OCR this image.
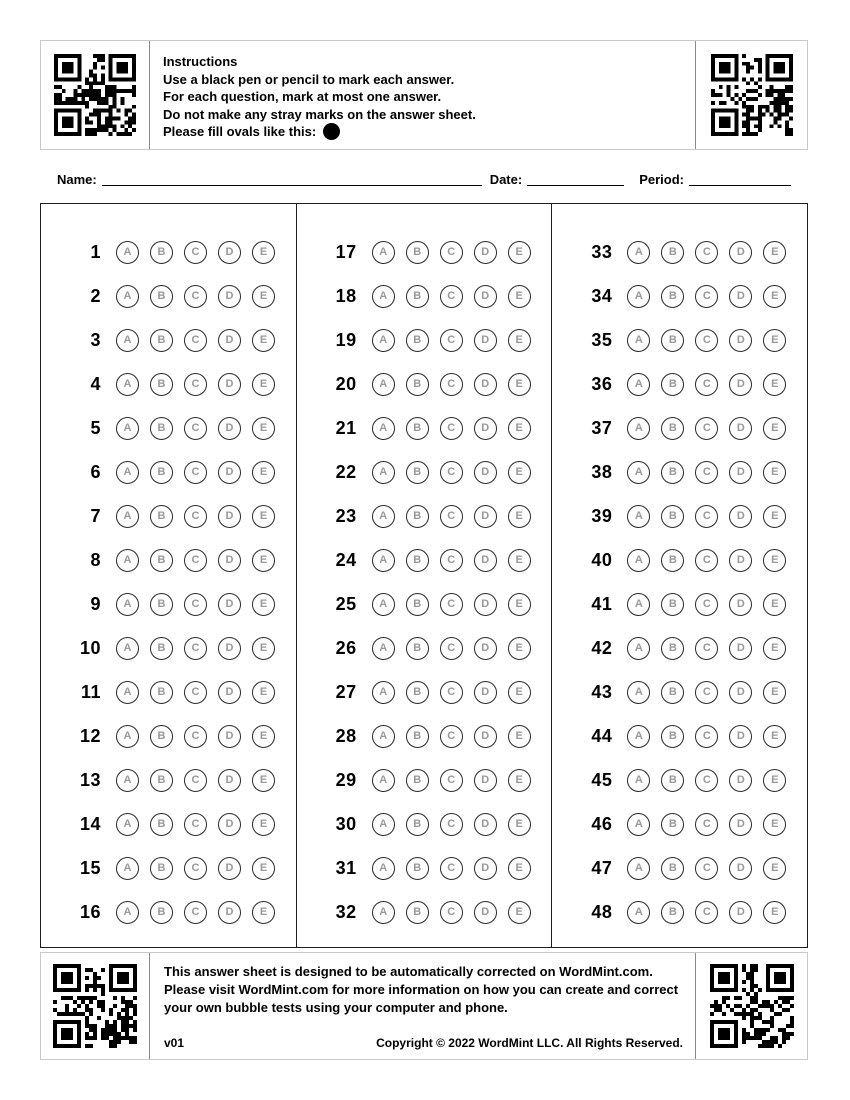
Instructions
Use a black pen or pencil to mark each answer.
For each question, mark at most one answer.
Do not make any stray marks on the answer sheet.
Please fill ovals like this:
Name:	Date:	Period:
1	A	B	C	D	E
2	A	B	C	D	E
3	A	B	C	D	E
4	A	B	C	D	E
5	A	B	C	D	E
6	A	B	C	D	E
7	A	B	C	D	E
8	A	B	C	D	E
9	A	B	C	D	E
10	A	B	C	D	E
11	A	B	C	D	E
12	A	B	C	D	E
13	A	B	C	D	E
14	A	B	C	D	E
15	A	B	C	D	E
16	A	B	C	D	E
17	A	B	C	D	E
18	A	B	C	D	E
19	A	B	C	D	E
20	A	B	C	D	E
21	A	B	C	D	E
22	A	B	C	D	E
23	A	B	C	D	E
24	A	B	C	D	E
25	A	B	C	D	E
26	A	B	C	D	E
27	A	B	C	D	E
28	A	B	C	D	E
29	A	B	C	D	E
30	A	B	C	D	E
31	A	B	C	D	E
32	A	B	C	D	E
33	A	B	C	D	E
34	A	B	C	D	E
35	A	B	C	D	E
36	A	B	C	D	E
37	A	B	C	D	E
38	A	B	C	D	E
39	A	B	C	D	E
40	A	B	C	D	E
41	A	B	C	D	E
42	A	B	C	D	E
43	A	B	C	D	E
44	A	B	C	D	E
45	A	B	C	D	E
46	A	B	C	D	E
47	A	B	C	D	E
48	A	B	C	D	E
This answer sheet is designed to be automatically corrected on WordMint.com. Please visit WordMint.com for more information on how you can create and correct your own bubble tests using your computer and phone.
v01	Copyright © 2022 WordMint LLC. All Rights Reserved.
